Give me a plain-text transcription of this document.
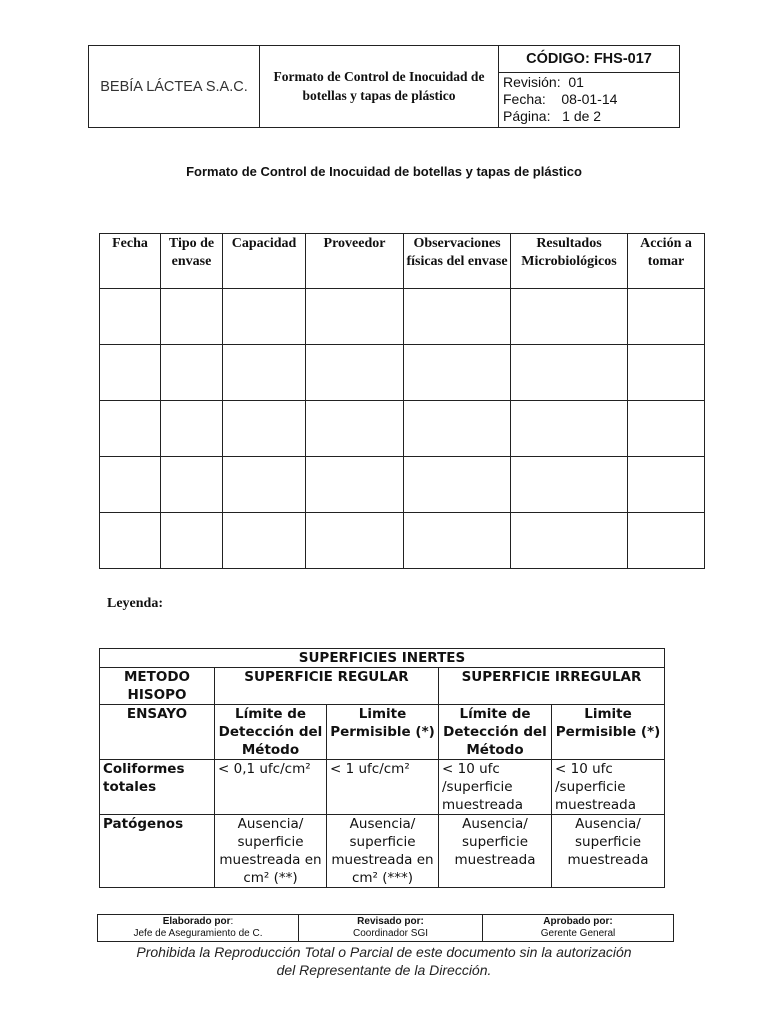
BEBÍA LÁCTEA S.A.C.	Formato de Control de Inocuidad de botellas y tapas de plástico	CÓDIGO: FHS-017

Revisión: 01
Fecha: 08-01-14
Página: 1 de 2
Formato de Control de Inocuidad de botellas y tapas de plástico
Fecha	Tipo de envase	Capacidad	Proveedor	Observaciones físicas del envase	Resultados Microbiológicos	Acción a tomar

Leyenda:
SUPERFICIES INERTES				
METODO HISOPO	SUPERFICIE REGULAR		SUPERFICIE IRREGULAR	
ENSAYO	Límite de Detección del Método	Limite Permisible (*)	Límite de Detección del Método	Limite Permisible (*)
Coliformes totales	< 0,1 ufc/cm²	< 1 ufc/cm²	< 10 ufc /superficie muestreada	< 10 ufc /superficie muestreada
Patógenos	Ausencia/ superficie muestreada en cm² (**)	Ausencia/ superficie muestreada en cm² (***)	Ausencia/ superficie muestreada	Ausencia/ superficie muestreada
Elaborado por:
Jefe de Aseguramiento de C.

Revisado por:
Coordinador SGI

Aprobado por:
Gerente General
Prohibida la Reproducción Total o Parcial de este documento sin la autorización
del Representante de la Dirección.
